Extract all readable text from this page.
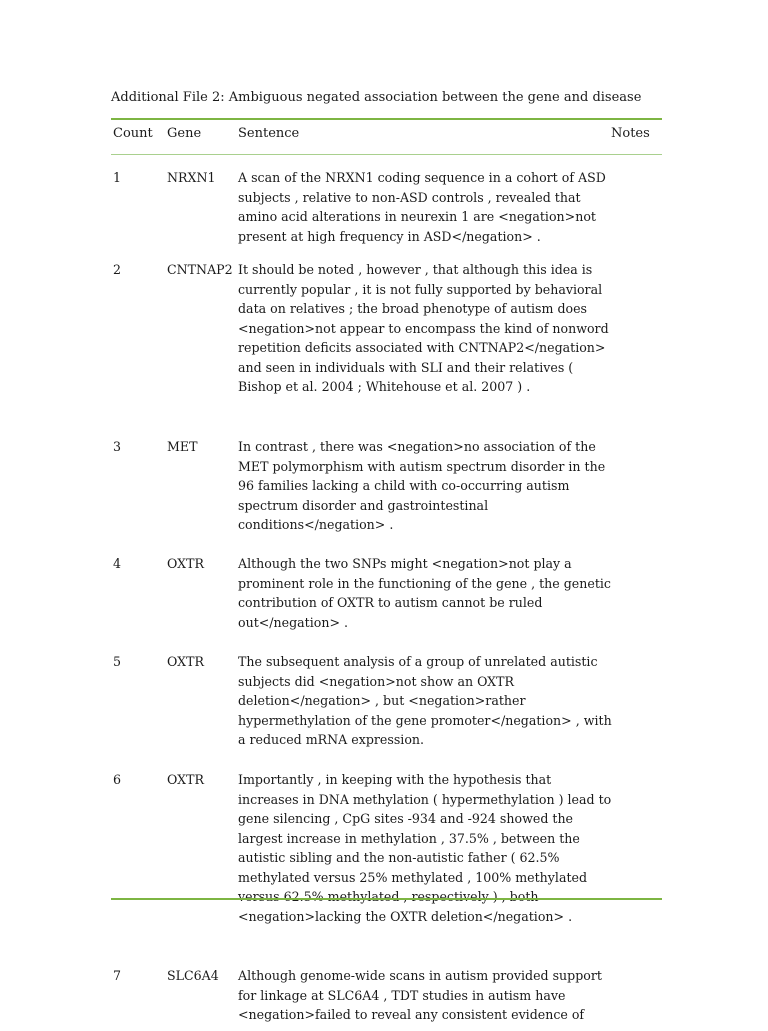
Additional File 2: Ambiguous negated association between the gene and disease
Count Gene	Sentence	Notes
1	NRXN1 A scan of the NRXN1 coding sequence in a cohort of ASD subjects , relative to non-ASD controls , revealed that amino acid alterations in neurexin 1 are <negation>not present at high frequency in ASD</negation> .
2	CNTNAP2 It should be noted , however , that although this idea is currently popular , it is not fully supported by behavioral data on relatives ; the broad phenotype of autism does <negation>not appear to encompass the kind of nonword repetition deficits associated with CNTNAP2</negation> and seen in individuals with SLI and their relatives ( Bishop et al. 2004 ; Whitehouse et al. 2007 ) .
3	MET	In contrast , there was <negation>no association of the MET polymorphism with autism spectrum disorder in the 96 families lacking a child with co-occurring autism spectrum disorder and gastrointestinal conditions</negation> .
4	OXTR	Although the two SNPs might <negation>not play a prominent role in the functioning of the gene , the genetic contribution of OXTR to autism cannot be ruled out</negation> .
5	OXTR	The subsequent analysis of a group of unrelated autistic subjects did <negation>not show an OXTR deletion</negation> , but <negation>rather hypermethylation of the gene promoter</negation> , with a reduced mRNA expression.
6	OXTR	Importantly , in keeping with the hypothesis that increases in DNA methylation ( hypermethylation ) lead to gene silencing , CpG sites -934 and -924 showed the largest increase in methylation , 37.5% , between the autistic sibling and the non-autistic father ( 62.5% methylated versus 25% methylated , 100% methylated versus 62.5% methylated , respectively ) , both <negation>lacking the OXTR deletion</negation> .
7	SLC6A4 Although genome-wide scans in autism provided support for linkage at SLC6A4 , TDT studies in autism have <negation>failed to reveal any consistent evidence of
